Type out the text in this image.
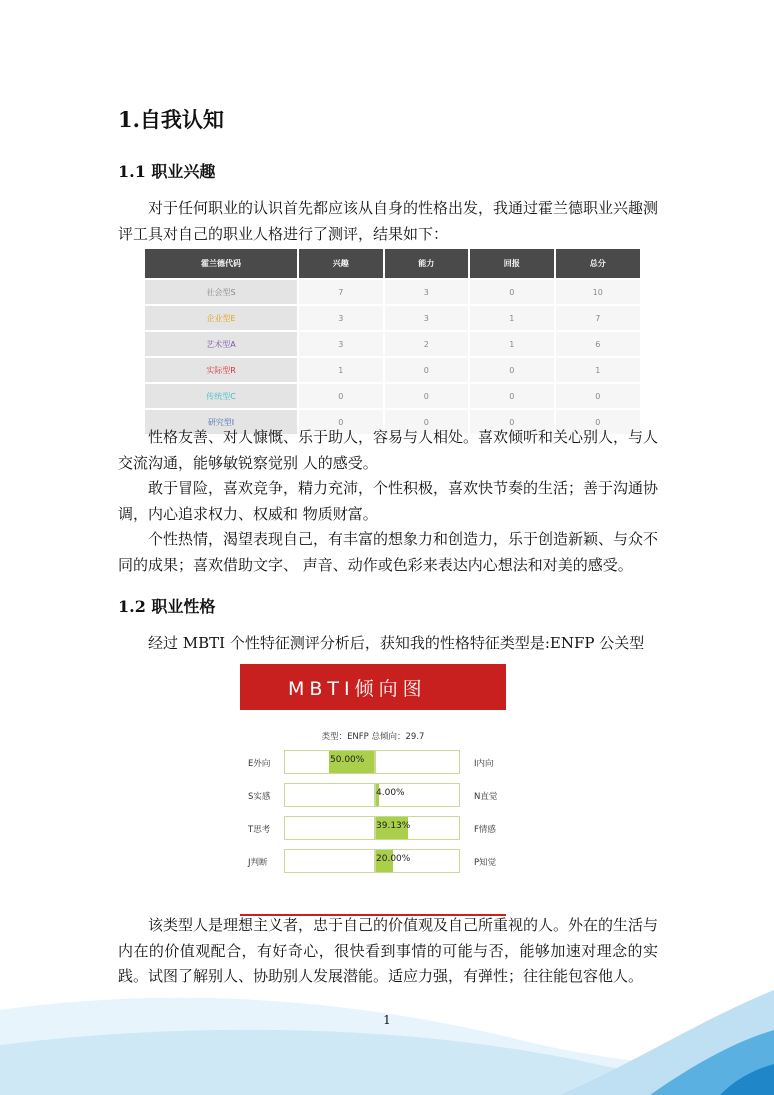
1.自我认知
1.1 职业兴趣
对于任何职业的认识首先都应该从自身的性格出发，我通过霍兰德职业兴趣测评工具对自己的职业人格进行了测评，结果如下：
霍兰德代码	兴趣	能力	回报	总分
社会型S	7	3	0	10
企业型E	3	3	1	7
艺术型A	3	2	1	6
实际型R	1	0	0	1
传统型C	0	0	0	0
研究型I	0	0	0	0
性格友善、对人慷慨、乐于助人，容易与人相处。喜欢倾听和关心别人，与人交流沟通，能够敏锐察觉别 人的感受。
敢于冒险，喜欢竞争，精力充沛，个性积极，喜欢快节奏的生活；善于沟通协调，内心追求权力、权威和 物质财富。
个性热情，渴望表现自己，有丰富的想象力和创造力，乐于创造新颖、与众不同的成果；喜欢借助文字、 声音、动作或色彩来表达内心想法和对美的感受。
1.2 职业性格
经过 MBTI 个性特征测评分析后，获知我的性格特征类型是:ENFP 公关型
MBTI倾向图
类型：ENFP 总倾向：29.7
E外向	50.00%	I内向
S实感	4.00%	N直觉
T思考	39.13%	F情感
J判断	20.00%	P知觉
该类型人是理想主义者，忠于自己的价值观及自己所重视的人。外在的生活与内在的价值观配合，有好奇心，很快看到事情的可能与否，能够加速对理念的实践。试图了解别人、协助别人发展潜能。适应力强，有弹性；往往能包容他人。
1
